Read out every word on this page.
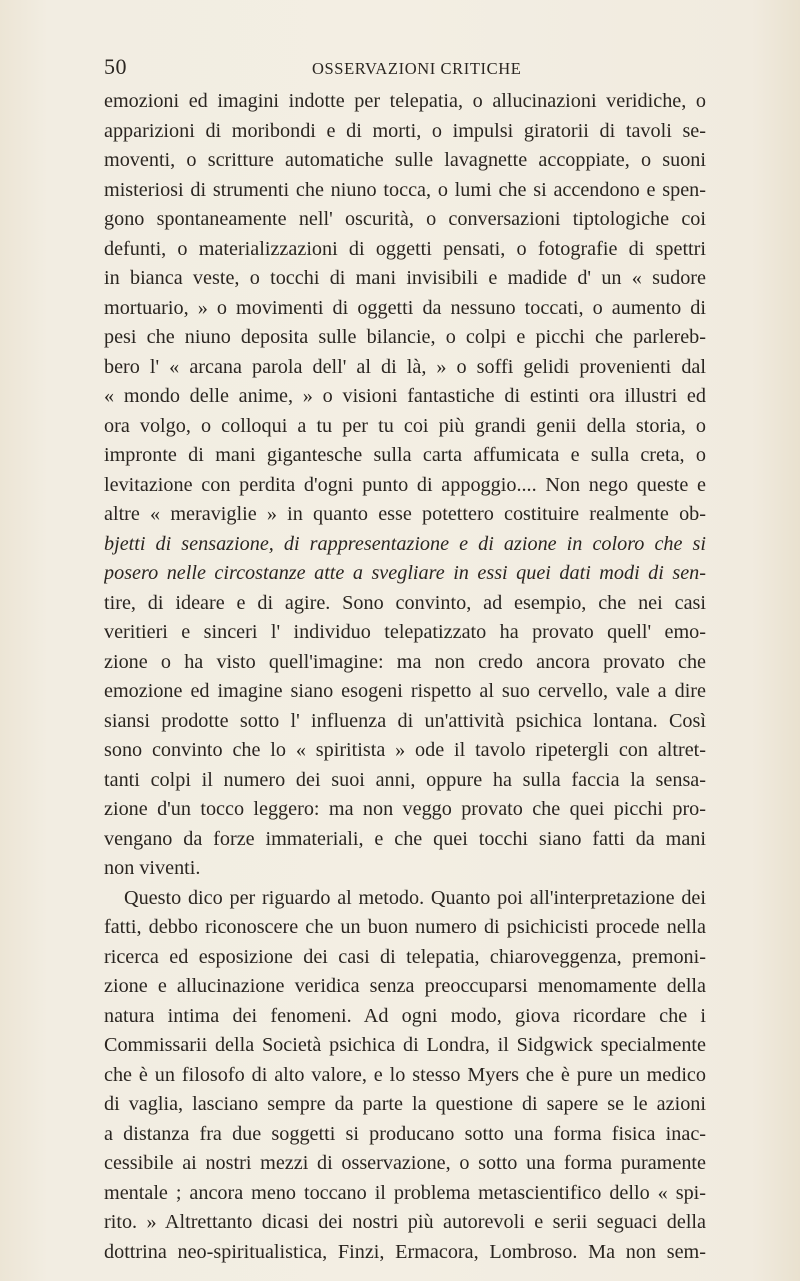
50	OSSERVAZIONI CRITICHE
emozioni ed imagini indotte per telepatia, o allucinazioni veridiche, o
apparizioni di moribondi e di morti, o impulsi giratorii di tavoli se-
moventi, o scritture automatiche sulle lavagnette accoppiate, o suoni
misteriosi di strumenti che niuno tocca, o lumi che si accendono e spen-
gono spontaneamente nell' oscurità, o conversazioni tiptologiche coi
defunti, o materializzazioni di oggetti pensati, o fotografie di spettri
in bianca veste, o tocchi di mani invisibili e madide d' un « sudore
mortuario, » o movimenti di oggetti da nessuno toccati, o aumento di
pesi che niuno deposita sulle bilancie, o colpi e picchi che parlereb-
bero l' « arcana parola dell' al di là, » o soffi gelidi provenienti dal
« mondo delle anime, » o visioni fantastiche di estinti ora illustri ed
ora volgo, o colloqui a tu per tu coi più grandi genii della storia, o
impronte di mani gigantesche sulla carta affumicata e sulla creta, o
levitazione con perdita d'ogni punto di appoggio.... Non nego queste e
altre « meraviglie » in quanto esse potettero costituire realmente ob-
bjetti di sensazione, di rappresentazione e di azione in coloro che si
posero nelle circostanze atte a svegliare in essi quei dati modi di sen-
tire, di ideare e di agire. Sono convinto, ad esempio, che nei casi
veritieri e sinceri l' individuo telepatizzato ha provato quell' emo-
zione o ha visto quell'imagine: ma non credo ancora provato che
emozione ed imagine siano esogeni rispetto al suo cervello, vale a dire
siansi prodotte sotto l' influenza di un'attività psichica lontana. Così
sono convinto che lo « spiritista » ode il tavolo ripetergli con altret-
tanti colpi il numero dei suoi anni, oppure ha sulla faccia la sensa-
zione d'un tocco leggero: ma non veggo provato che quei picchi pro-
vengano da forze immateriali, e che quei tocchi siano fatti da mani
non viventi.
Questo dico per riguardo al metodo. Quanto poi all'interpretazione dei
fatti, debbo riconoscere che un buon numero di psichicisti procede nella
ricerca ed esposizione dei casi di telepatia, chiaroveggenza, premoni-
zione e allucinazione veridica senza preoccuparsi menomamente della
natura intima dei fenomeni. Ad ogni modo, giova ricordare che i
Commissarii della Società psichica di Londra, il Sidgwick specialmente
che è un filosofo di alto valore, e lo stesso Myers che è pure un medico
di vaglia, lasciano sempre da parte la questione di sapere se le azioni
a distanza fra due soggetti si producano sotto una forma fisica inac-
cessibile ai nostri mezzi di osservazione, o sotto una forma puramente
mentale ; ancora meno toccano il problema metascientifico dello « spi-
rito. » Altrettanto dicasi dei nostri più autorevoli e serii seguaci della
dottrina neo-spiritualistica, Finzi, Ermacora, Lombroso. Ma non sem-
